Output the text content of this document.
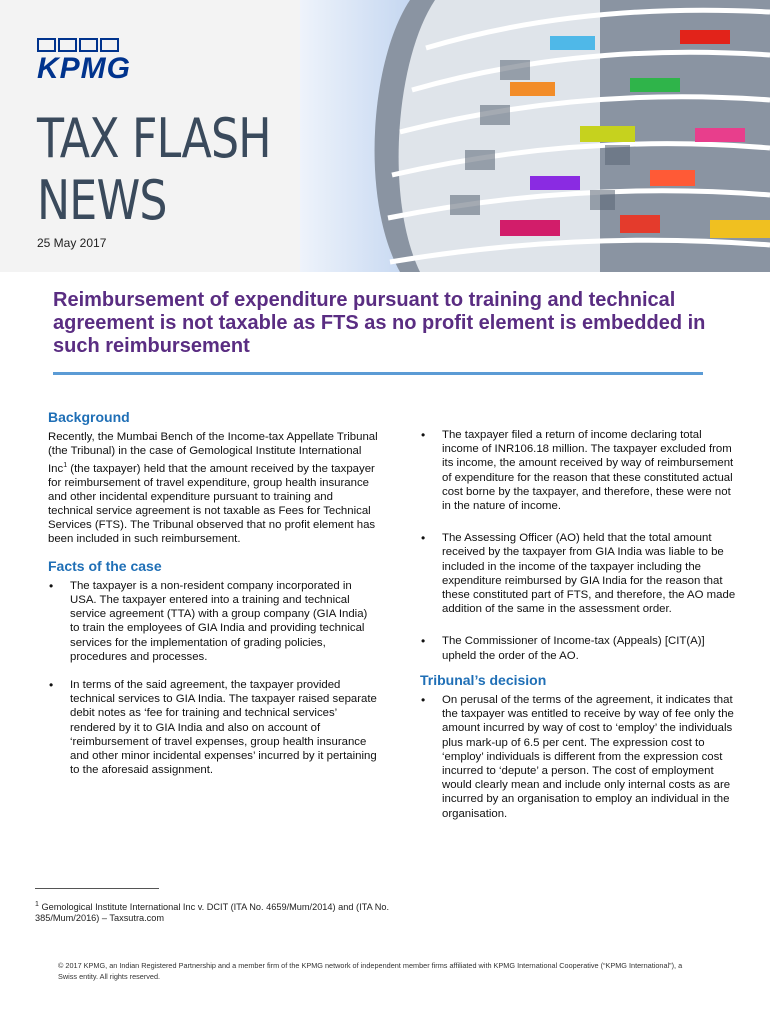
KPMG
TAX FLASH
NEWS
25 May 2017
Reimbursement of expenditure pursuant to training and technical agreement is not taxable as FTS as no profit element is embedded in such reimbursement
Background

Recently, the Mumbai Bench of the Income-tax Appellate Tribunal (the Tribunal) in the case of Gemological Institute International Inc$^1$ (the taxpayer) held that the amount received by the taxpayer for reimbursement of travel expenditure, group health insurance and other incidental expenditure pursuant to training and technical service agreement is not taxable as Fees for Technical Services (FTS). The Tribunal observed that no profit element has been included in such reimbursement.

Facts of the case
• The taxpayer is a non-resident company incorporated in USA. The taxpayer entered into a training and technical service agreement (TTA) with a group company (GIA India) to train the employees of GIA India and providing technical services for the implementation of grading policies, procedures and processes.
• In terms of the said agreement, the taxpayer provided technical services to GIA India. The taxpayer raised separate debit notes as ‘fee for training and technical services’ rendered by it to GIA India and also on account of ‘reimbursement of travel expenses, group health insurance and other minor incidental expenses’ incurred by it pertaining to the aforesaid assignment.
• The taxpayer filed a return of income declaring total income of INR106.18 million. The taxpayer excluded from its income, the amount received by way of reimbursement of expenditure for the reason that these constituted actual cost borne by the taxpayer, and therefore, these were not in the nature of income.
• The Assessing Officer (AO) held that the total amount received by the taxpayer from GIA India was liable to be included in the income of the taxpayer including the expenditure reimbursed by GIA India for the reason that these constituted part of FTS, and therefore, the AO made addition of the same in the assessment order.
• The Commissioner of Income-tax (Appeals) [CIT(A)] upheld the order of the AO.
Tribunal’s decision
• On perusal of the terms of the agreement, it indicates that the taxpayer was entitled to receive by way of fee only the amount incurred by way of cost to ‘employ’ the individuals plus mark-up of 6.5 per cent. The expression cost to ‘employ’ individuals is different from the expression cost incurred to ‘depute’ a person. The cost of employment would clearly mean and include only internal costs as are incurred by an organisation to employ an individual in the organisation.
$^1$ Gemological Institute International Inc v. DCIT (ITA No. 4659/Mum/2014) and (ITA No. 385/Mum/2016) – Taxsutra.com
© 2017 KPMG, an Indian Registered Partnership and a member firm of the KPMG network of independent member firms affiliated with KPMG International Cooperative (“KPMG International”), a Swiss entity. All rights reserved.
